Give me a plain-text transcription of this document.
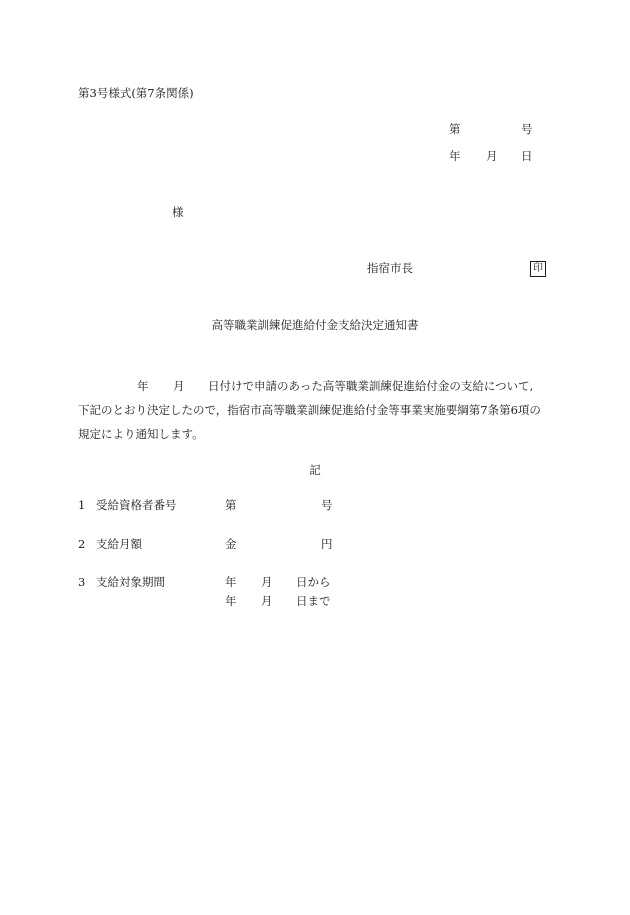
第3号様式(第7条関係)
第	号
年 月 日
様
指宿市長	印
高等職業訓練促進給付金支給決定通知書
年 月 日付けで申請のあった高等職業訓練促進給付金の支給について,
下記のとおり決定したので，指宿市高等職業訓練促進給付金等事業実施要綱第7条第6項の
規定により通知します。
記
1 受給資格者番号	第	号
2 支給月額	金	円
3 支給対象期間	年 月 日から
年 月 日まで
